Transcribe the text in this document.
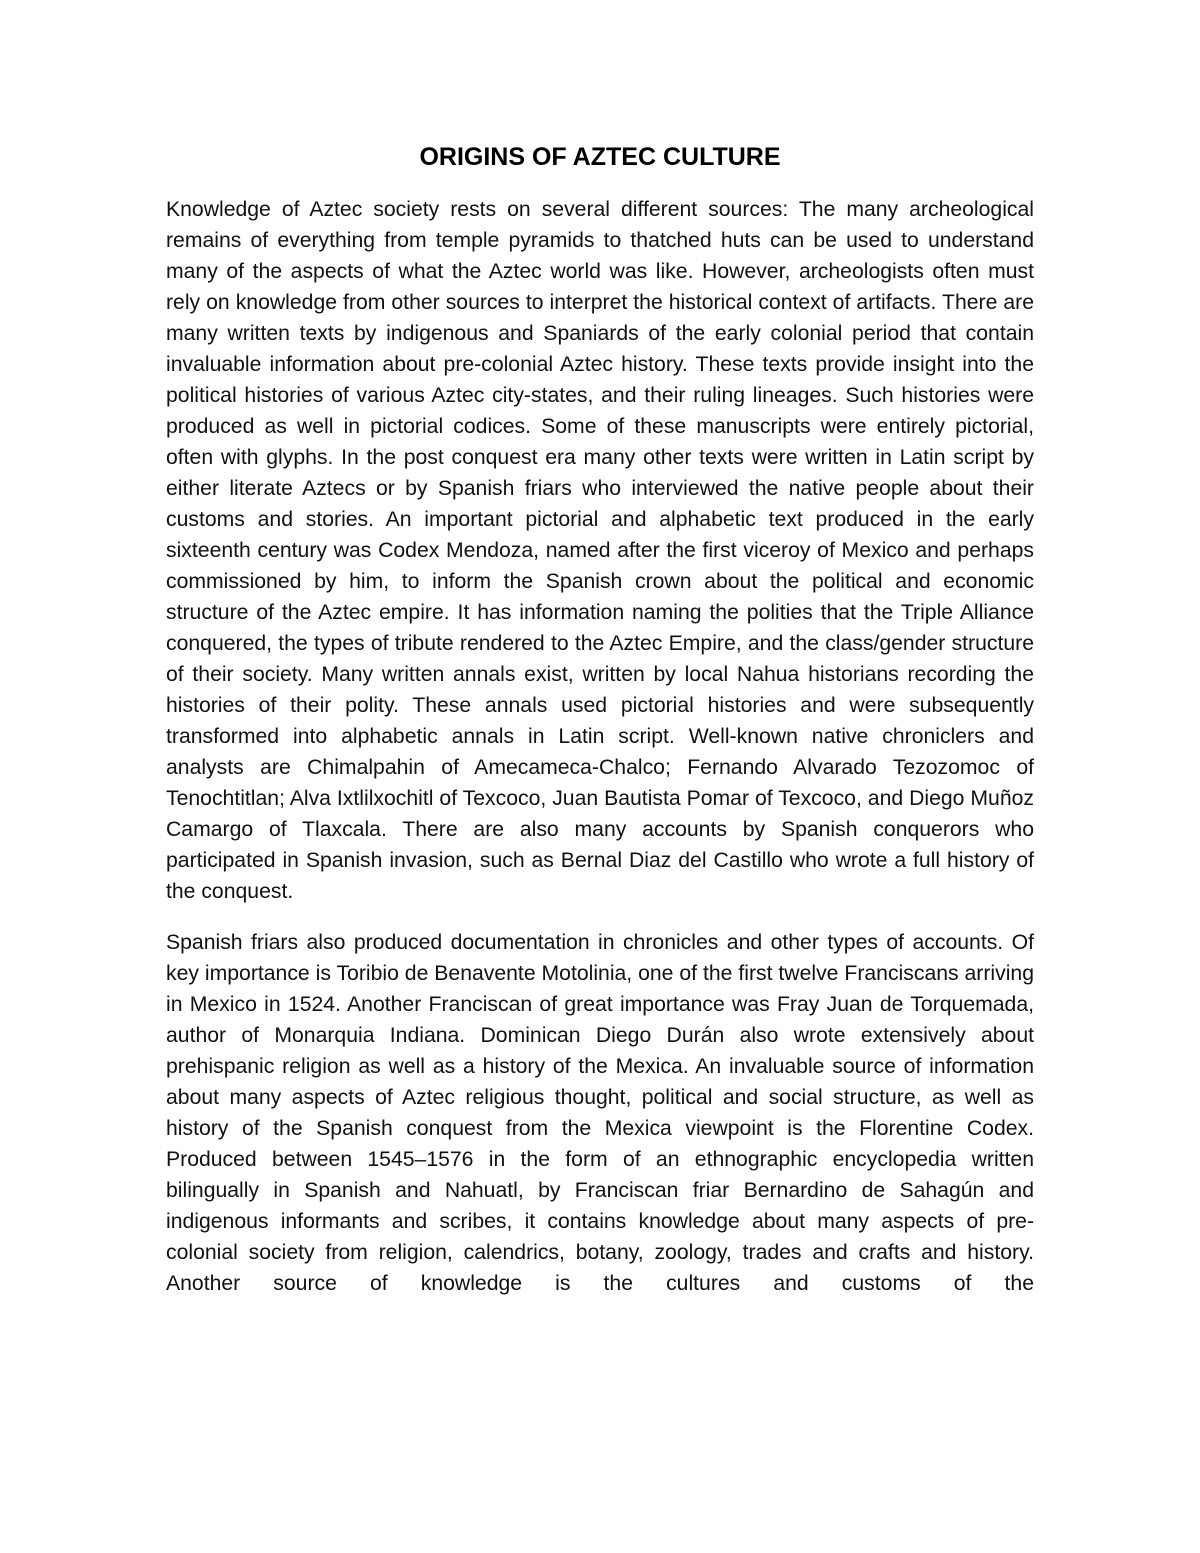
ORIGINS OF AZTEC CULTURE

Knowledge of Aztec society rests on several different sources: The many archeological remains of everything from temple pyramids to thatched huts can be used to understand many of the aspects of what the Aztec world was like. However, archeologists often must rely on knowledge from other sources to interpret the historical context of artifacts. There are many written texts by indigenous and Spaniards of the early colonial period that contain invaluable information about pre-colonial Aztec history. These texts provide insight into the political histories of various Aztec city-states, and their ruling lineages. Such histories were produced as well in pictorial codices. Some of these manuscripts were entirely pictorial, often with glyphs. In the post conquest era many other texts were written in Latin script by either literate Aztecs or by Spanish friars who interviewed the native people about their customs and stories. An important pictorial and alphabetic text produced in the early sixteenth century was Codex Mendoza, named after the first viceroy of Mexico and perhaps commissioned by him, to inform the Spanish crown about the political and economic structure of the Aztec empire. It has information naming the polities that the Triple Alliance conquered, the types of tribute rendered to the Aztec Empire, and the class/gender structure of their society. Many written annals exist, written by local Nahua historians recording the histories of their polity. These annals used pictorial histories and were subsequently transformed into alphabetic annals in Latin script. Well-known native chroniclers and analysts are Chimalpahin of Amecameca-Chalco; Fernando Alvarado Tezozomoc of Tenochtitlan; Alva Ixtlilxochitl of Texcoco, Juan Bautista Pomar of Texcoco, and Diego Muñoz Camargo of Tlaxcala. There are also many accounts by Spanish conquerors who participated in Spanish invasion, such as Bernal Diaz del Castillo who wrote a full history of the conquest.

Spanish friars also produced documentation in chronicles and other types of accounts. Of key importance is Toribio de Benavente Motolinia, one of the first twelve Franciscans arriving in Mexico in 1524. Another Franciscan of great importance was Fray Juan de Torquemada, author of Monarquia Indiana. Dominican Diego Durán also wrote extensively about prehispanic religion as well as a history of the Mexica. An invaluable source of information about many aspects of Aztec religious thought, political and social structure, as well as history of the Spanish conquest from the Mexica viewpoint is the Florentine Codex. Produced between 1545–1576 in the form of an ethnographic encyclopedia written bilingually in Spanish and Nahuatl, by Franciscan friar Bernardino de Sahagún and indigenous informants and scribes, it contains knowledge about many aspects of pre-colonial society from religion, calendrics, botany, zoology, trades and crafts and history. Another source of knowledge is the cultures and customs of the
